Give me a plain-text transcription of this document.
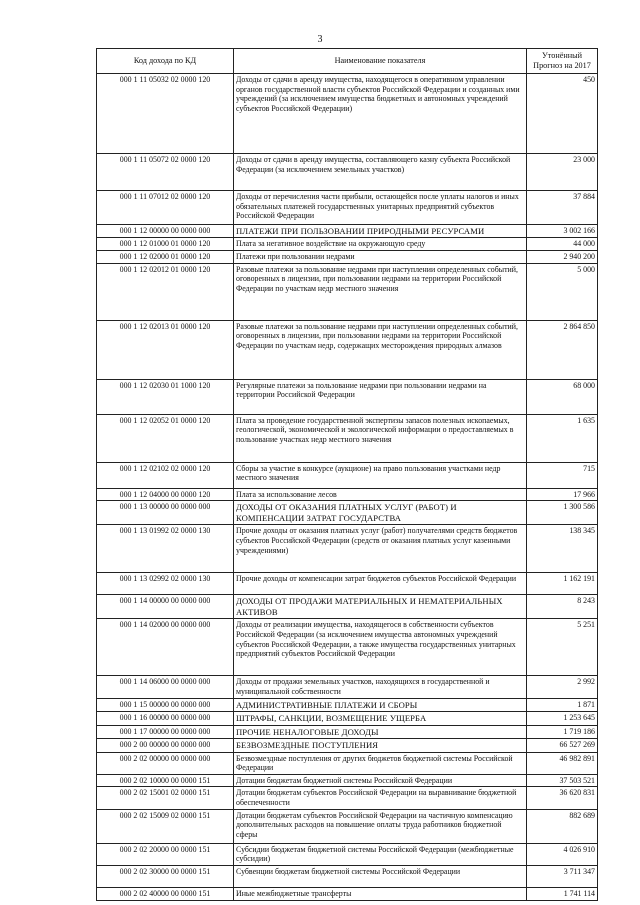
3
Код дохода по КД	Наименование показателя	Утонённый Прогноз на 2017
000 1 11 05032 02 0000 120	Доходы от сдачи в аренду имущества, находящегося в оперативном управлении органов государственной власти субъектов Российской Федерации и созданных ими учреждений (за исключением имущества бюджетных и автономных учреждений субъектов Российской Федерации)	450
000 1 11 05072 02 0000 120	Доходы от сдачи в аренду имущества, составляющего казну субъекта Российской Федерации (за исключением земельных участков)	23 000
000 1 11 07012 02 0000 120	Доходы от перечисления части прибыли, остающейся после уплаты налогов и иных обязательных платежей государственных унитарных предприятий субъектов Российской Федерации	37 884
000 1 12 00000 00 0000 000	ПЛАТЕЖИ ПРИ ПОЛЬЗОВАНИИ ПРИРОДНЫМИ РЕСУРСАМИ	3 002 166
000 1 12 01000 01 0000 120	Плата за негативное воздействие на окружающую среду	44 000
000 1 12 02000 01 0000 120	Платежи при пользовании недрами	2 940 200
000 1 12 02012 01 0000 120	Разовые платежи за пользование недрами при наступлении определенных событий, оговоренных в лицензии, при пользовании недрами на территории Российской Федерации по участкам недр местного значения	5 000
000 1 12 02013 01 0000 120	Разовые платежи за пользование недрами при наступлении определенных событий, оговоренных в лицензии, при пользовании недрами на территории Российской Федерации по участкам недр, содержащих месторождения природных алмазов	2 864 850
000 1 12 02030 01 1000 120	Регулярные платежи за пользование недрами при пользовании недрами на территории Российской Федерации	68 000
000 1 12 02052 01 0000 120	Плата за проведение государственной экспертизы запасов полезных ископаемых, геологической, экономической и экологической информации о предоставляемых в пользование участках недр местного значения	1 635
000 1 12 02102 02 0000 120	Сборы за участие в конкурсе (аукционе) на право пользования участками недр местного значения	715
000 1 12 04000 00 0000 120	Плата за использование лесов	17 966
000 1 13 00000 00 0000 000	ДОХОДЫ ОТ ОКАЗАНИЯ ПЛАТНЫХ УСЛУГ (РАБОТ) И КОМПЕНСАЦИИ ЗАТРАТ ГОСУДАРСТВА	1 300 586
000 1 13 01992 02 0000 130	Прочие доходы от оказания платных услуг (работ) получателями средств бюджетов субъектов Российской Федерации (средств от оказания платных услуг казенными учреждениями)	138 345
000 1 13 02992 02 0000 130	Прочие доходы от компенсации затрат бюджетов субъектов Российской Федерации	1 162 191
000 1 14 00000 00 0000 000	ДОХОДЫ ОТ ПРОДАЖИ МАТЕРИАЛЬНЫХ И НЕМАТЕРИАЛЬНЫХ АКТИВОВ	8 243
000 1 14 02000 00 0000 000	Доходы от реализации имущества, находящегося в собственности субъектов Российской Федерации (за исключением имущества автономных учреждений субъектов Российской Федерации, а также имущества государственных унитарных предприятий субъектов Российской Федерации	5 251
000 1 14 06000 00 0000 000	Доходы от продажи земельных участков, находящихся в государственной и муниципальной собственности	2 992
000 1 15 00000 00 0000 000	АДМИНИСТРАТИВНЫЕ ПЛАТЕЖИ И СБОРЫ	1 871
000 1 16 00000 00 0000 000	ШТРАФЫ, САНКЦИИ, ВОЗМЕЩЕНИЕ УЩЕРБА	1 253 645
000 1 17 00000 00 0000 000	ПРОЧИЕ НЕНАЛОГОВЫЕ ДОХОДЫ	1 719 186
000 2 00 00000 00 0000 000	БЕЗВОЗМЕЗДНЫЕ ПОСТУПЛЕНИЯ	66 527 269
000 2 02 00000 00 0000 000	Безвозмездные поступления от других бюджетов бюджетной системы Российской Федерации	46 982 891
000 2 02 10000 00 0000 151	Дотации бюджетам бюджетной системы Российской Федерации	37 503 521
000 2 02 15001 02 0000 151	Дотации бюджетам субъектов Российской Федерации на выравнивание бюджетной обеспеченности	36 620 831
000 2 02 15009 02 0000 151	Дотации бюджетам субъектов Российской Федерации на частичную компенсацию дополнительных расходов на повышение оплаты труда работников бюджетной сферы	882 689
000 2 02 20000 00 0000 151	Субсидии бюджетам бюджетной системы Российской Федерации (межбюджетные субсидии)	4 026 910
000 2 02 30000 00 0000 151	Субвенции бюджетам бюджетной системы Российской Федерации	3 711 347
000 2 02 40000 00 0000 151	Иные межбюджетные трансферты	1 741 114
